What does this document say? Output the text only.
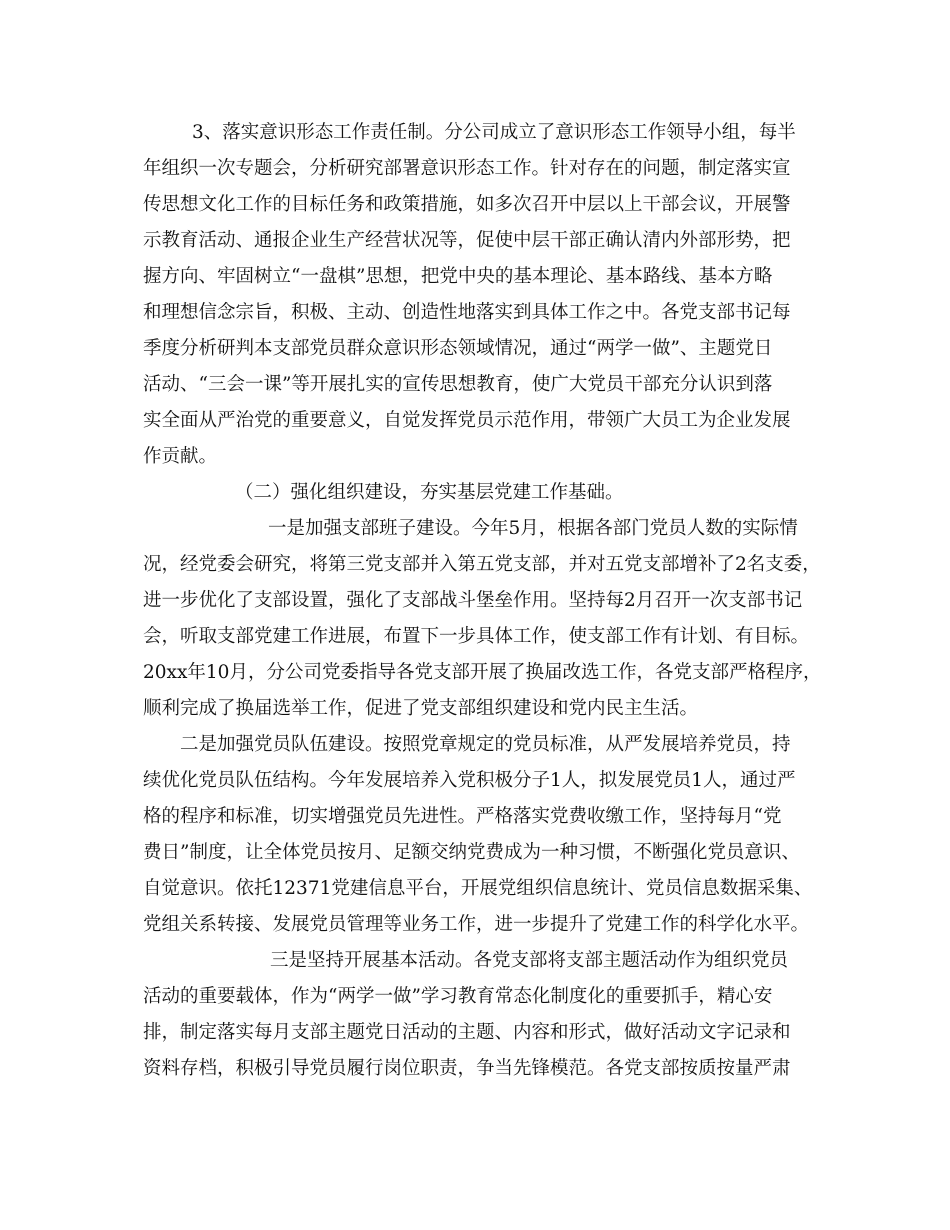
3、落实意识形态工作责任制。分公司成立了意识形态工作领导小组，每半
年组织一次专题会，分析研究部署意识形态工作。针对存在的问题，制定落实宣
传思想文化工作的目标任务和政策措施，如多次召开中层以上干部会议，开展警
示教育活动、通报企业生产经营状况等，促使中层干部正确认清内外部形势，把
握方向、牢固树立“一盘棋”思想，把党中央的基本理论、基本路线、基本方略
和理想信念宗旨，积极、主动、创造性地落实到具体工作之中。各党支部书记每
季度分析研判本支部党员群众意识形态领域情况，通过“两学一做”、主题党日
活动、“三会一课”等开展扎实的宣传思想教育，使广大党员干部充分认识到落
实全面从严治党的重要意义，自觉发挥党员示范作用，带领广大员工为企业发展
作贡献。
（二）强化组织建设，夯实基层党建工作基础。
一是加强支部班子建设。今年5月，根据各部门党员人数的实际情
况，经党委会研究，将第三党支部并入第五党支部，并对五党支部增补了2名支委，
进一步优化了支部设置，强化了支部战斗堡垒作用。坚持每2月召开一次支部书记
会，听取支部党建工作进展，布置下一步具体工作，使支部工作有计划、有目标。
20xx年10月，分公司党委指导各党支部开展了换届改选工作，各党支部严格程序，
顺利完成了换届选举工作，促进了党支部组织建设和党内民主生活。
二是加强党员队伍建设。按照党章规定的党员标准，从严发展培养党员，持
续优化党员队伍结构。今年发展培养入党积极分子1人，拟发展党员1人，通过严
格的程序和标准，切实增强党员先进性。严格落实党费收缴工作，坚持每月“党
费日”制度，让全体党员按月、足额交纳党费成为一种习惯，不断强化党员意识、
自觉意识。依托12371党建信息平台，开展党组织信息统计、党员信息数据采集、
党组关系转接、发展党员管理等业务工作，进一步提升了党建工作的科学化水平。
三是坚持开展基本活动。各党支部将支部主题活动作为组织党员
活动的重要载体，作为“两学一做”学习教育常态化制度化的重要抓手，精心安
排，制定落实每月支部主题党日活动的主题、内容和形式，做好活动文字记录和
资料存档，积极引导党员履行岗位职责，争当先锋模范。各党支部按质按量严肃
